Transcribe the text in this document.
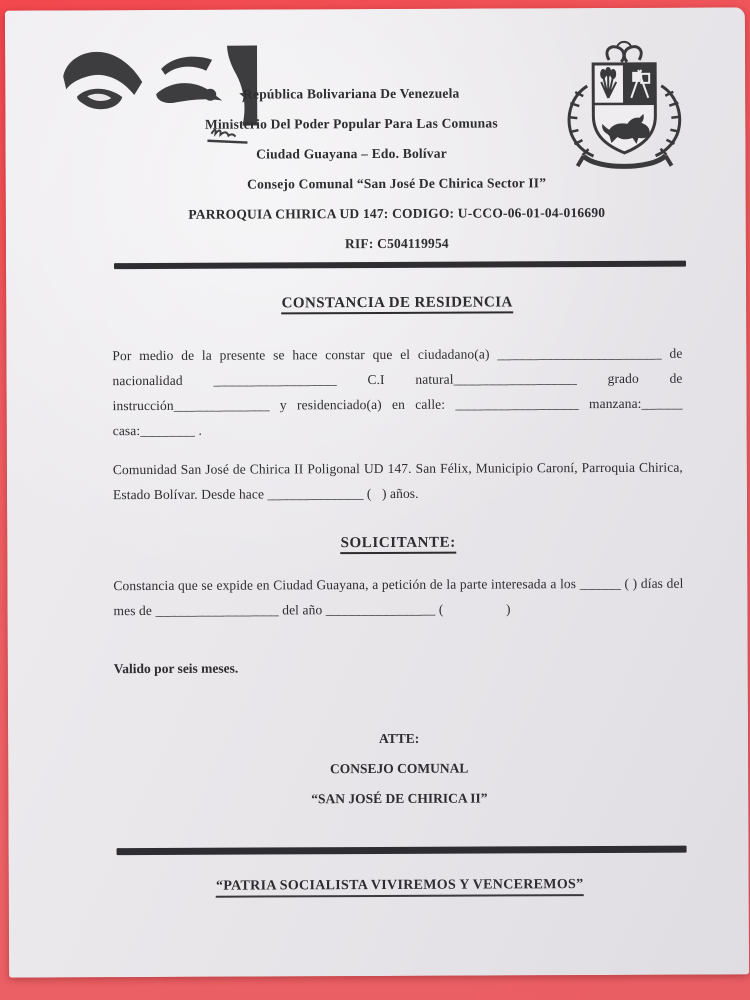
República Bolivariana De Venezuela
Ministerio Del Poder Popular Para Las Comunas
Ciudad Guayana – Edo. Bolívar
Consejo Comunal “San José De Chirica Sector II”
PARROQUIA CHIRICA UD 147: CODIGO: U-CCO-06-01-04-016690
RIF: C504119954
CONSTANCIA DE RESIDENCIA

Por medio de la presente se hace constar que el ciudadano(a) ________________________ de nacionalidad __________________ C.I natural__________________ grado de instrucción______________ y residenciado(a) en calle: __________________ manzana:______ casa:________ .

Comunidad San José de Chirica II Poligonal UD 147. San Félix, Municipio Caroní, Parroquia Chirica, Estado Bolívar. Desde hace ______________ (   ) años.

SOLICITANTE:

Constancia que se expide en Ciudad Guayana, a petición de la parte interesada a los ______ ( ) días del mes de __________________ del año ________________ (                  )

Valido por seis meses.
ATTE:
CONSEJO COMUNAL
“SAN JOSÉ DE CHIRICA II”
“PATRIA SOCIALISTA VIVIREMOS Y VENCEREMOS”
